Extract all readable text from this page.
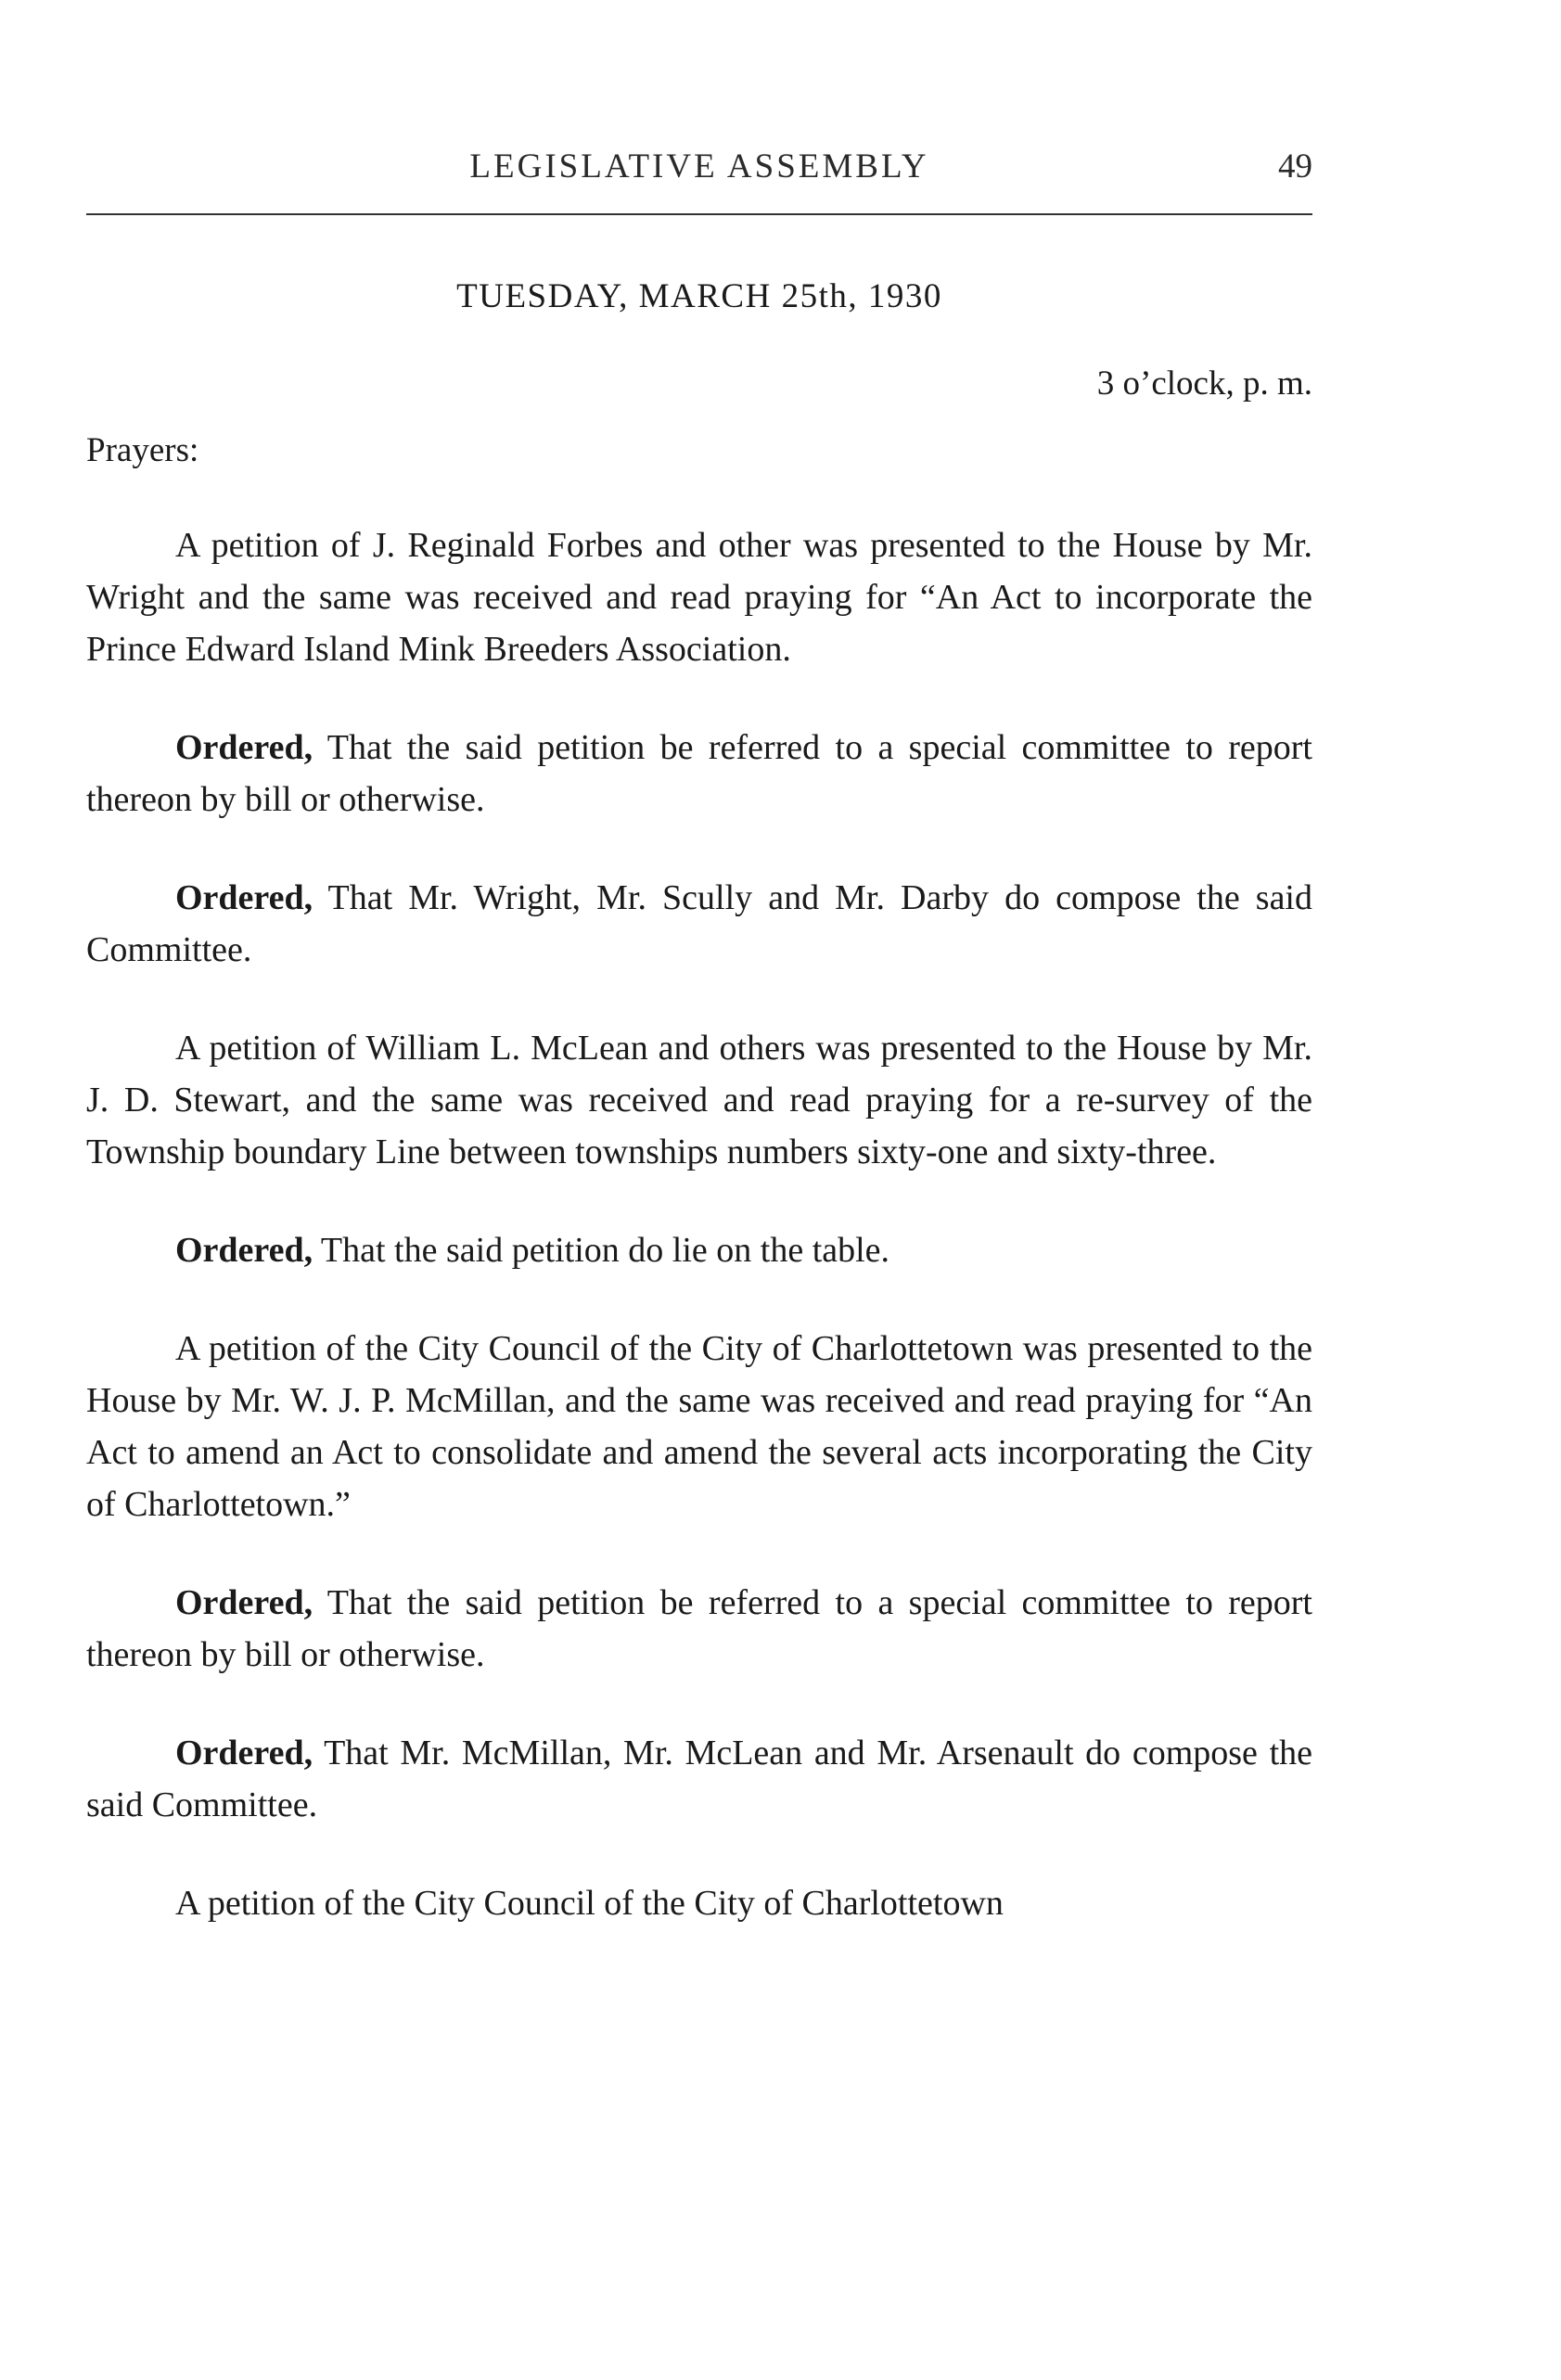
LEGISLATIVE ASSEMBLY	49
TUESDAY, MARCH 25th, 1930
3 o’clock, p. m.
Prayers:

A petition of J. Reginald Forbes and other was presented to the House by Mr. Wright and the same was received and read praying for “An Act to incorporate the Prince Edward Island Mink Breeders Association.

Ordered, That the said petition be referred to a special committee to report thereon by bill or otherwise.

Ordered, That Mr. Wright, Mr. Scully and Mr. Darby do compose the said Committee.

A petition of William L. McLean and others was presented to the House by Mr. J. D. Stewart, and the same was received and read praying for a re-survey of the Township boundary Line between townships numbers sixty-one and sixty-three.

Ordered, That the said petition do lie on the table.

A petition of the City Council of the City of Charlottetown was presented to the House by Mr. W. J. P. McMillan, and the same was received and read praying for “An Act to amend an Act to consolidate and amend the several acts incorporating the City of Charlottetown.”

Ordered, That the said petition be referred to a special committee to report thereon by bill or otherwise.

Ordered, That Mr. McMillan, Mr. McLean and Mr. Arsenault do compose the said Committee.

A petition of the City Council of the City of Charlottetown
